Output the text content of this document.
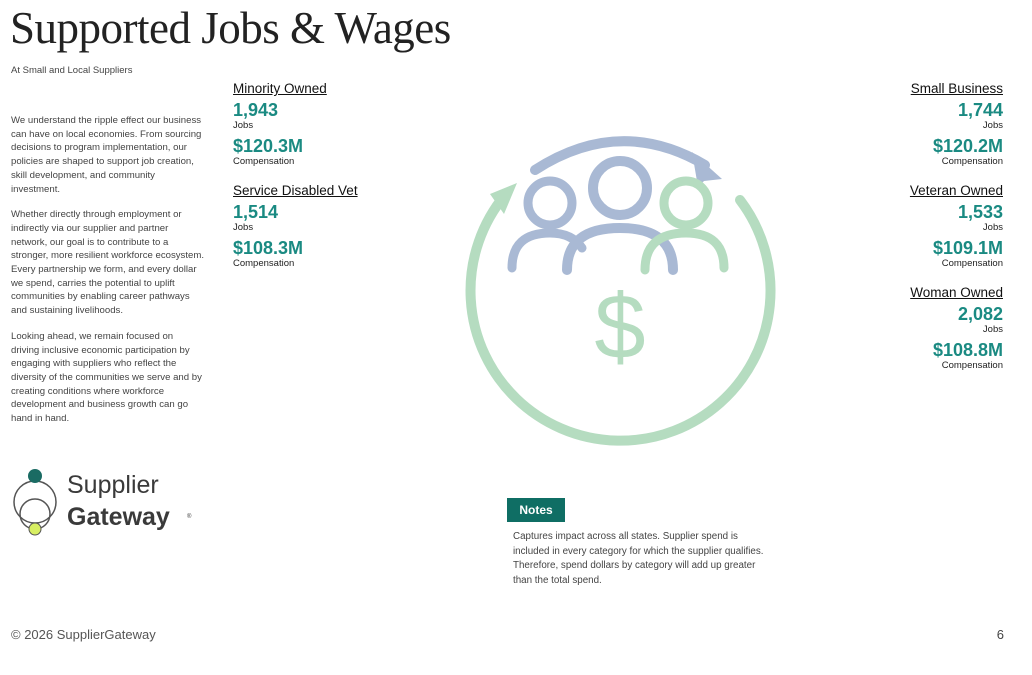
Supported Jobs & Wages
At Small and Local Suppliers

We understand the ripple effect our business can have on local economies. From sourcing decisions to program implementation, our policies are shaped to support job creation, skill development, and community investment.

Whether directly through employment or indirectly via our supplier and partner network, our goal is to contribute to a stronger, more resilient workforce ecosystem. Every partnership we form, and every dollar we spend, carries the potential to uplift communities by enabling career pathways and sustaining livelihoods.

Looking ahead, we remain focused on driving inclusive economic participation by engaging with suppliers who reflect the diversity of the communities we serve and by creating conditions where workforce development and business growth can go hand in hand.

Minority Owned
1,943
Jobs
$120.3M
Compensation
Service Disabled Vet
1,514
Jobs
$108.3M
Compensation
Small Business
1,744
Jobs
$120.2M
Compensation
Veteran Owned
1,533
Jobs
$109.1M
Compensation
Woman Owned
2,082
Jobs
$108.8M
Compensation
$
Supplier
Gateway	®	Notes
Captures impact across all states. Supplier spend is included in every category for which the supplier qualifies. Therefore, spend dollars by category will add up greater than the total spend.
© 2026 SupplierGateway	6
